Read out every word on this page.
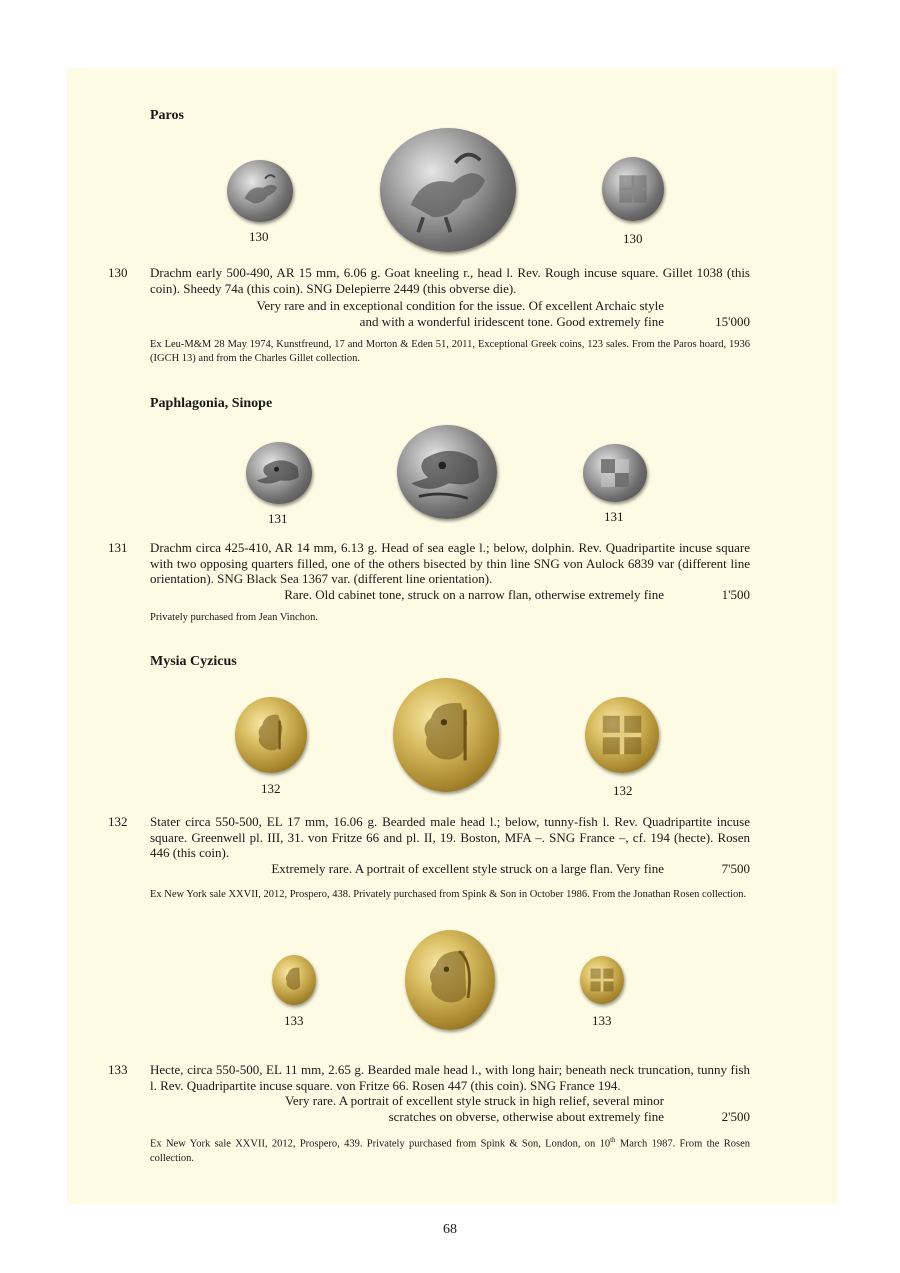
Paros
130	130
130 Drachm early 500-490, AR 15 mm, 6.06 g. Goat kneeling r., head l. Rev. Rough incuse square. Gillet 1038 (this coin). Sheedy 74a (this coin). SNG Delepierre 2449 (this obverse die).
Very rare and in exceptional condition for the issue. Of excellent Archaic style
and with a wonderful iridescent tone. Good extremely fine	15'000
Ex Leu-M&M 28 May 1974, Kunstfreund, 17 and Morton & Eden 51, 2011, Exceptional Greek coins, 123 sales. From the Paros hoard, 1936 (IGCH 13) and from the Charles Gillet collection.
Paphlagonia, Sinope
131	131
131 Drachm circa 425-410, AR 14 mm, 6.13 g. Head of sea eagle l.; below, dolphin. Rev. Quadripartite incuse square with two opposing quarters filled, one of the others bisected by thin line SNG von Aulock 6839 var (different line orientation). SNG Black Sea 1367 var. (different line orientation).
Rare. Old cabinet tone, struck on a narrow flan, otherwise extremely fine	1'500
Privately purchased from Jean Vinchon.
Mysia Cyzicus
132	132
132 Stater circa 550-500, EL 17 mm, 16.06 g. Bearded male head l.; below, tunny-fish l. Rev. Quadripartite incuse square. Greenwell pl. III, 31. von Fritze 66 and pl. II, 19. Boston, MFA –. SNG France –, cf. 194 (hecte). Rosen 446 (this coin).
Extremely rare. A portrait of excellent style struck on a large flan. Very fine	7'500
Ex New York sale XXVII, 2012, Prospero, 438. Privately purchased from Spink & Son in October 1986. From the Jonathan Rosen collection.
133	133
133 Hecte, circa 550-500, EL 11 mm, 2.65 g. Bearded male head l., with long hair; beneath neck truncation, tunny fish l. Rev. Quadripartite incuse square. von Fritze 66. Rosen 447 (this coin). SNG France 194.
Very rare. A portrait of excellent style struck in high relief, several minor
scratches on obverse, otherwise about extremely fine	2'500
Ex New York sale XXVII, 2012, Prospero, 439. Privately purchased from Spink & Son, London, on 10th March 1987. From the Rosen collection.
68
